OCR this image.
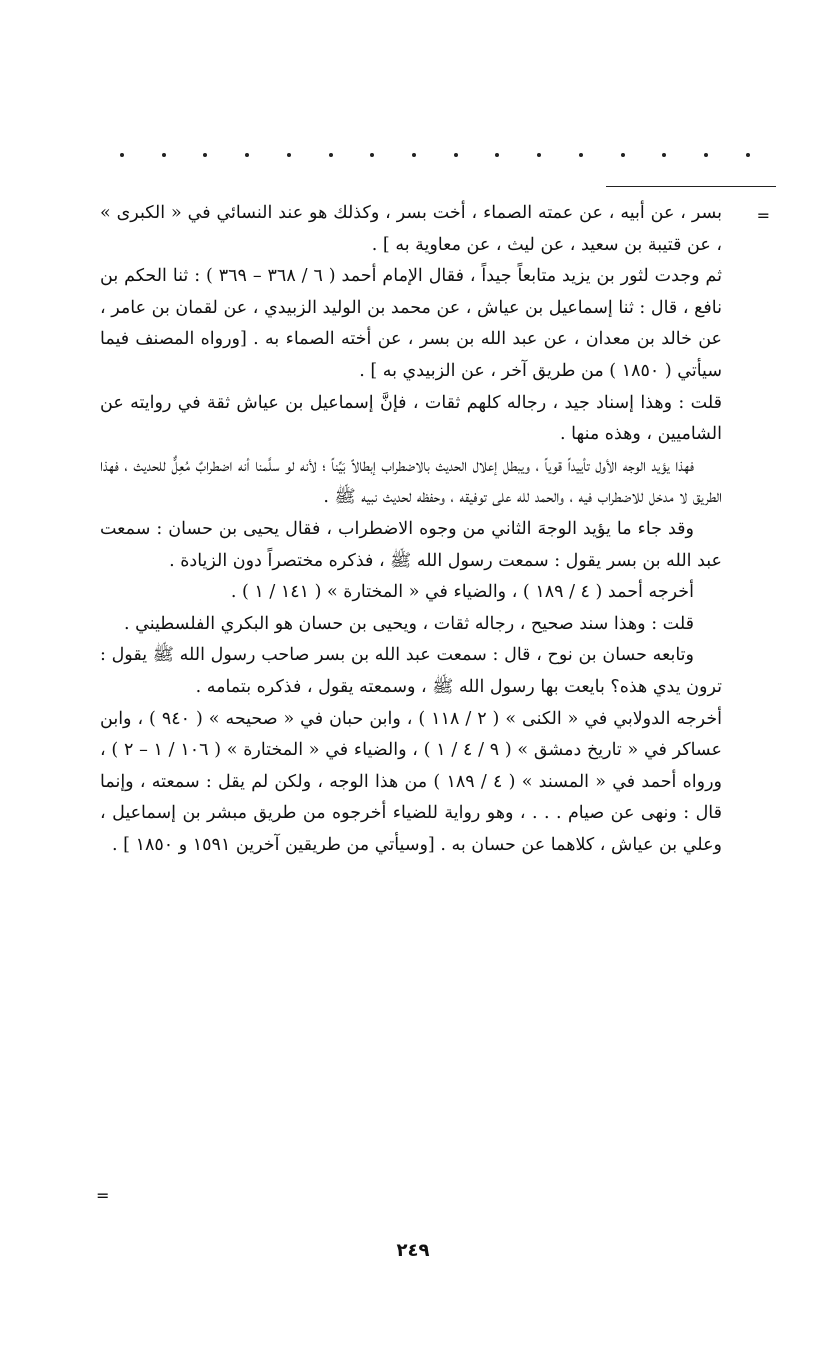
=

بسر ، عن أبيه ، عن عمته الصماء ، أخت بسر ، وكذلك هو عند النسائي في « الكبرى » ، عن قتيبة بن سعيد ، عن ليث ، عن معاوية به ] .

ثم وجدت لثور بن يزيد متابعاً جيداً ، فقال الإمام أحمد ( ٦ / ٣٦٨ – ٣٦٩ ) : ثنا الحكم بن نافع ، قال : ثنا إسماعيل بن عياش ، عن محمد بن الوليد الزبيدي ، عن لقمان بن عامر ، عن خالد بن معدان ، عن عبد الله بن بسر ، عن أخته الصماء به . [ورواه المصنف فيما سيأتي ( ١٨٥٠ ) من طريق آخر ، عن الزبيدي به ] .

قلت : وهذا إسناد جيد ، رجاله كلهم ثقات ، فإنَّ إسماعيل بن عياش ثقة في روايته عن الشاميين ، وهذه منها .

فهذا يؤيد الوجه الأول تأييداً قوياً ، ويبطل إعلال الحديث بالاضطراب إبطالاً بَيِّناً ؛ لأنه لو سلَّمنا أنه اضطرابٌ مُعِلٌّ للحديث ، فهذا الطريق لا مدخل للاضطراب فيه ، والحمد لله على توفيقه ، وحفظه لحديث نبيه ﷺ .

وقد جاء ما يؤيد الوجهَ الثاني من وجوه الاضطراب ، فقال يحيى بن حسان : سمعت عبد الله بن بسر يقول : سمعت رسول الله ﷺ ، فذكره مختصراً دون الزيادة .

أخرجه أحمد ( ٤ / ١٨٩ ) ، والضياء في « المختارة » ( ١٤١ / ١ ) .

قلت : وهذا سند صحيح ، رجاله ثقات ، ويحيى بن حسان هو البكري الفلسطيني .

وتابعه حسان بن نوح ، قال : سمعت عبد الله بن بسر صاحب رسول الله ﷺ يقول : ترون يدي هذه؟ بايعت بها رسول الله ﷺ ، وسمعته يقول ، فذكره بتمامه .

أخرجه الدولابي في « الكنى » ( ٢ / ١١٨ ) ، وابن حبان في « صحيحه » ( ٩٤٠ ) ، وابن عساكر في « تاريخ دمشق » ( ٩ / ٤ / ١ ) ، والضياء في « المختارة » ( ١٠٦ / ١ – ٢ ) ، ورواه أحمد في « المسند » ( ٤ / ١٨٩ ) من هذا الوجه ، ولكن لم يقل : سمعته ، وإنما قال : ونهى عن صيام . . . ، وهو رواية للضياء أخرجوه من طريق مبشر بن إسماعيل ، وعلي بن عياش ، كلاهما عن حسان به . [وسيأتي من طريقين آخرين ١٥٩١ و ١٨٥٠ ] .

=
٢٤٩
